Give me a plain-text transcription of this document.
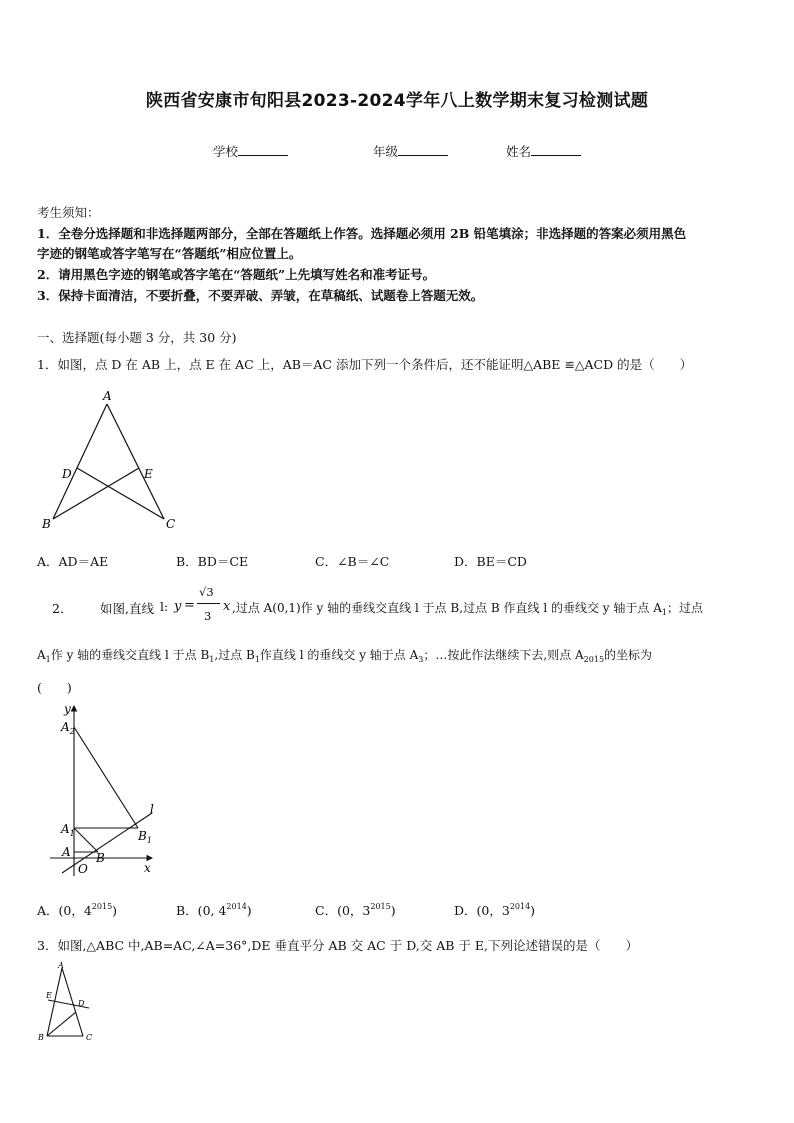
陕西省安康市旬阳县2023-2024学年八上数学期末复习检测试题
学校	年级	姓名
考生须知：
1．全卷分选择题和非选择题两部分，全部在答题纸上作答。选择题必须用 2B 铅笔填涂；非选择题的答案必须用黑色
字迹的钢笔或答字笔写在“答题纸”相应位置上。
2．请用黑色字迹的钢笔或答字笔在“答题纸”上先填写姓名和准考证号。
3．保持卡面清洁，不要折叠，不要弄破、弄皱，在草稿纸、试题卷上答题无效。
一、选择题(每小题 3 分，共 30 分)
1．如图，点 D 在 AB 上，点 E 在 AC 上，AB＝AC 添加下列一个条件后，还不能证明△ABE ≌△ACD 的是（　　）
A
D	E
B	C
A．AD＝AE	B．BD＝CE	C．∠B＝∠C	D．BE＝CD
2． 如图,直线 l: y =
√3
3
x ,过点 A(0,1)作 y 轴的垂线交直线 l 于点 B,过点 B 作直线 l 的垂线交 y 轴于点 $A_1$；过点
$A_1$作 y 轴的垂线交直线 l 于点 $B_1$,过点 $B_1$作直线 l 的垂线交 y 轴于点 $A_3$；…按此作法继续下去,则点 $A_{2015}$的坐标为
(　　)
y
x
O
A B
$A_1$
$A_2$
$B_1$
l
A．(0，$4^{2015}$)	B．(0, $4^{2014}$)	C．(0，$3^{2015}$)	D．(0，$3^{2014}$)
3．如图,△ABC 中,AB=AC,∠A=36°,DE 垂直平分 AB 交 AC 于 D,交 AB 于 E,下列论述错误的是（　　）
A
E
D
B	C
